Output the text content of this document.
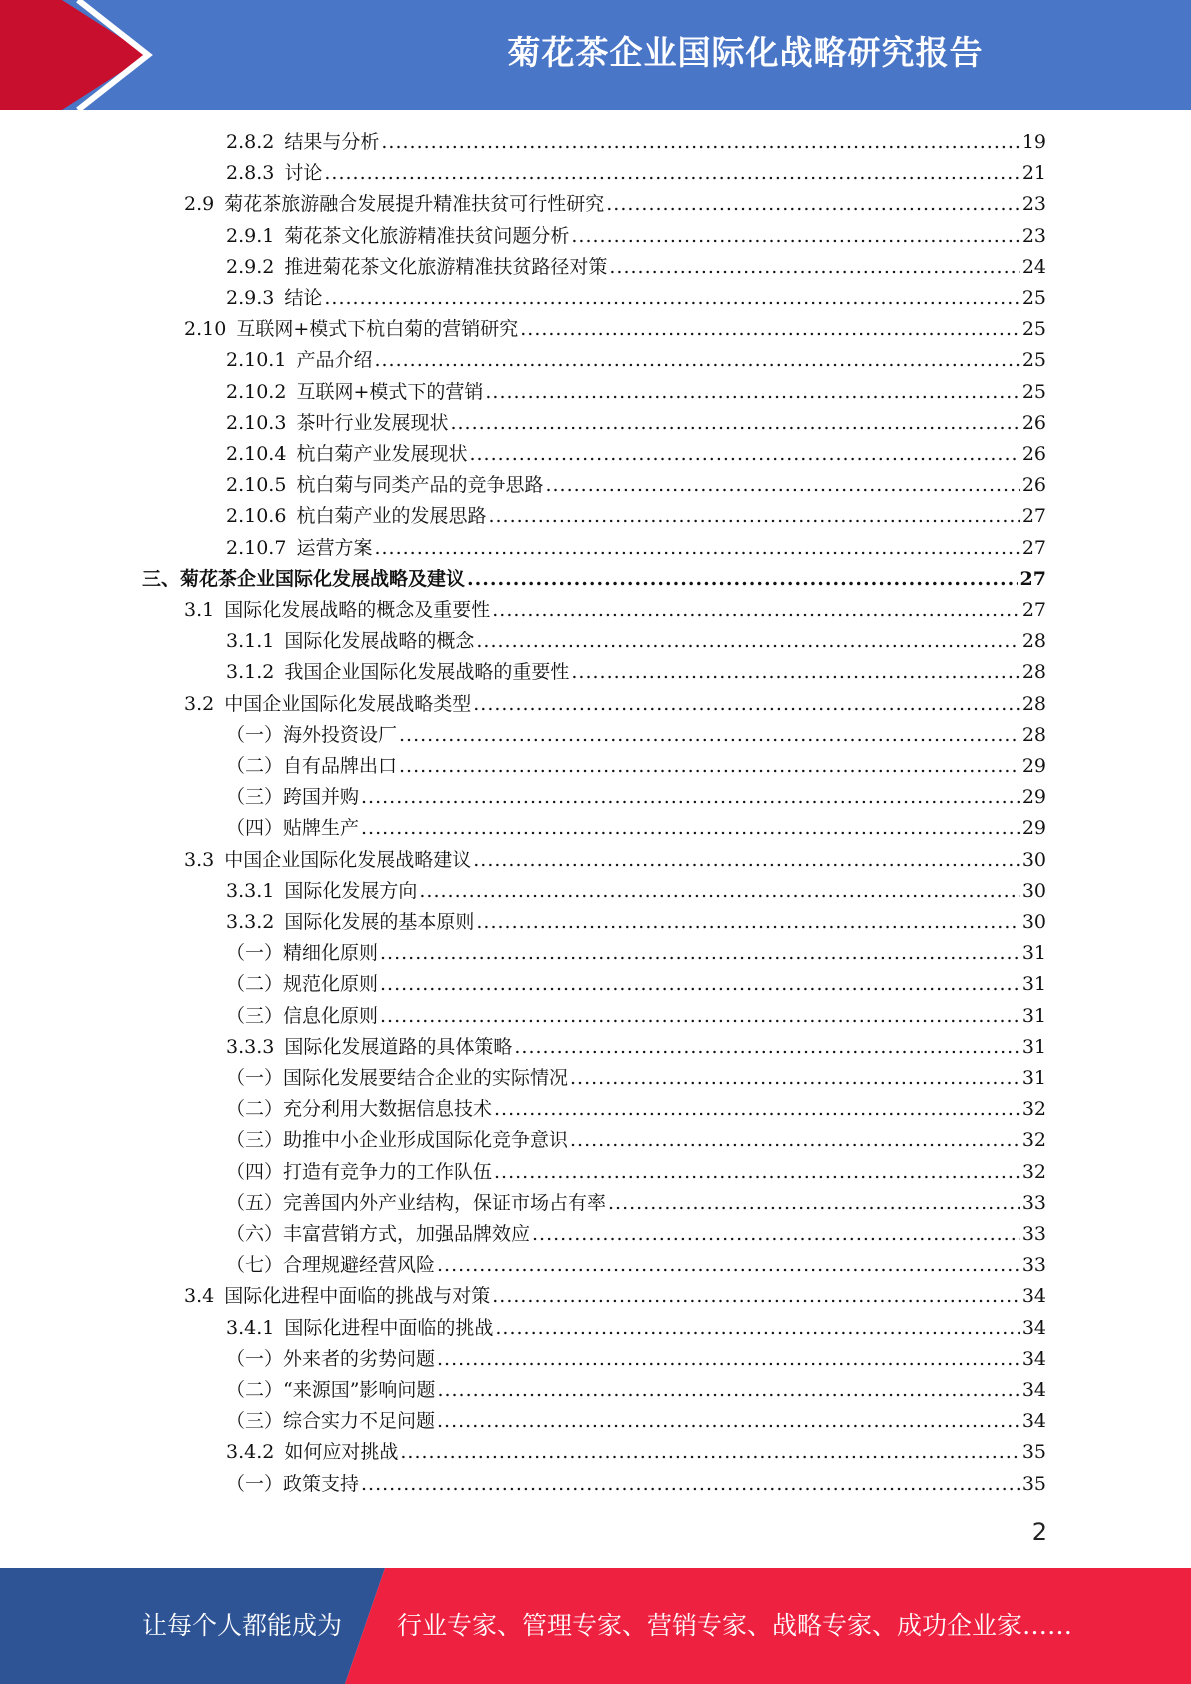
菊花茶企业国际化战略研究报告
2.8.2 结果与分析 .....	19
2.8.3 讨论 .....	21
2.9 菊花茶旅游融合发展提升精准扶贫可行性研究 .....	23
2.9.1 菊花茶文化旅游精准扶贫问题分析 .....	23
2.9.2 推进菊花茶文化旅游精准扶贫路径对策 .....	24
2.9.3 结论 .....	25
2.10 互联网+模式下杭白菊的营销研究 .....	25
2.10.1 产品介绍 .....	25
2.10.2 互联网+模式下的营销 .....	25
2.10.3 茶叶行业发展现状 .....	26
2.10.4 杭白菊产业发展现状 .....	26
2.10.5 杭白菊与同类产品的竞争思路 .....	26
2.10.6 杭白菊产业的发展思路 .....	27
2.10.7 运营方案 .....	27
三、菊花茶企业国际化发展战略及建议 .....	27
3.1 国际化发展战略的概念及重要性 .....	27
3.1.1 国际化发展战略的概念 .....	28
3.1.2 我国企业国际化发展战略的重要性 .....	28
3.2 中国企业国际化发展战略类型 .....	28
（一）海外投资设厂 .....	28
（二）自有品牌出口 .....	29
（三）跨国并购 .....	29
（四）贴牌生产 .....	29
3.3 中国企业国际化发展战略建议 .....	30
3.3.1 国际化发展方向 .....	30
3.3.2 国际化发展的基本原则 .....	30
（一）精细化原则 .....	31
（二）规范化原则 .....	31
（三）信息化原则 .....	31
3.3.3 国际化发展道路的具体策略 .....	31
（一）国际化发展要结合企业的实际情况 .....	31
（二）充分利用大数据信息技术 .....	32
（三）助推中小企业形成国际化竞争意识 .....	32
（四）打造有竞争力的工作队伍 .....	32
（五）完善国内外产业结构，保证市场占有率 .....	33
（六）丰富营销方式，加强品牌效应 .....	33
（七）合理规避经营风险 .....	33
3.4 国际化进程中面临的挑战与对策 .....	34
3.4.1 国际化进程中面临的挑战 .....	34
（一）外来者的劣势问题 .....	34
（二）“来源国”影响问题 .....	34
（三）综合实力不足问题 .....	34
3.4.2 如何应对挑战 .....	35
（一）政策支持 .....	35
2
让每个人都能成为 行业专家、管理专家、营销专家、战略专家、成功企业家……
